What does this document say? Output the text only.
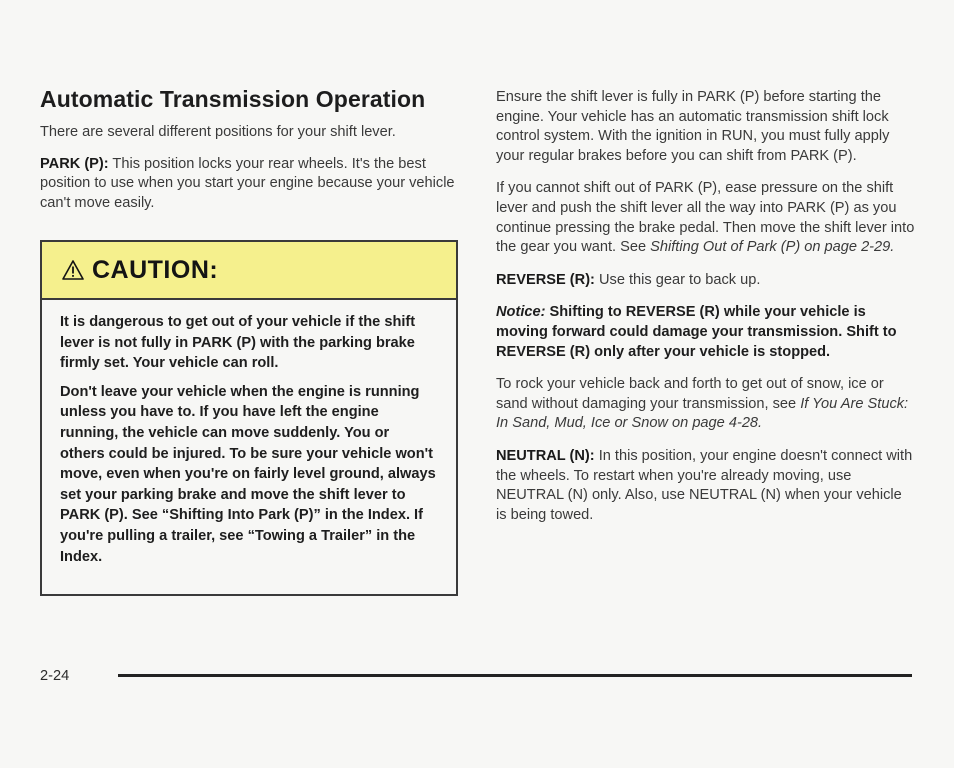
Automatic Transmission Operation

There are several different positions for your shift lever.

PARK (P): This position locks your rear wheels. It's the best position to use when you start your engine because your vehicle can't move easily.

CAUTION:

It is dangerous to get out of your vehicle if the shift lever is not fully in PARK (P) with the parking brake firmly set. Your vehicle can roll.

Don't leave your vehicle when the engine is running unless you have to. If you have left the engine running, the vehicle can move suddenly. You or others could be injured. To be sure your vehicle won't move, even when you're on fairly level ground, always set your parking brake and move the shift lever to PARK (P). See “Shifting Into Park (P)” in the Index. If you're pulling a trailer, see “Towing a Trailer” in the Index.

Ensure the shift lever is fully in PARK (P) before starting the engine. Your vehicle has an automatic transmission shift lock control system. With the ignition in RUN, you must fully apply your regular brakes before you can shift from PARK (P).

If you cannot shift out of PARK (P), ease pressure on the shift lever and push the shift lever all the way into PARK (P) as you continue pressing the brake pedal. Then move the shift lever into the gear you want. See Shifting Out of Park (P) on page 2-29.

REVERSE (R): Use this gear to back up.

Notice: Shifting to REVERSE (R) while your vehicle is moving forward could damage your transmission. Shift to REVERSE (R) only after your vehicle is stopped.

To rock your vehicle back and forth to get out of snow, ice or sand without damaging your transmission, see If You Are Stuck: In Sand, Mud, Ice or Snow on page 4-28.

NEUTRAL (N): In this position, your engine doesn't connect with the wheels. To restart when you're already moving, use NEUTRAL (N) only. Also, use NEUTRAL (N) when your vehicle is being towed.

2-24
